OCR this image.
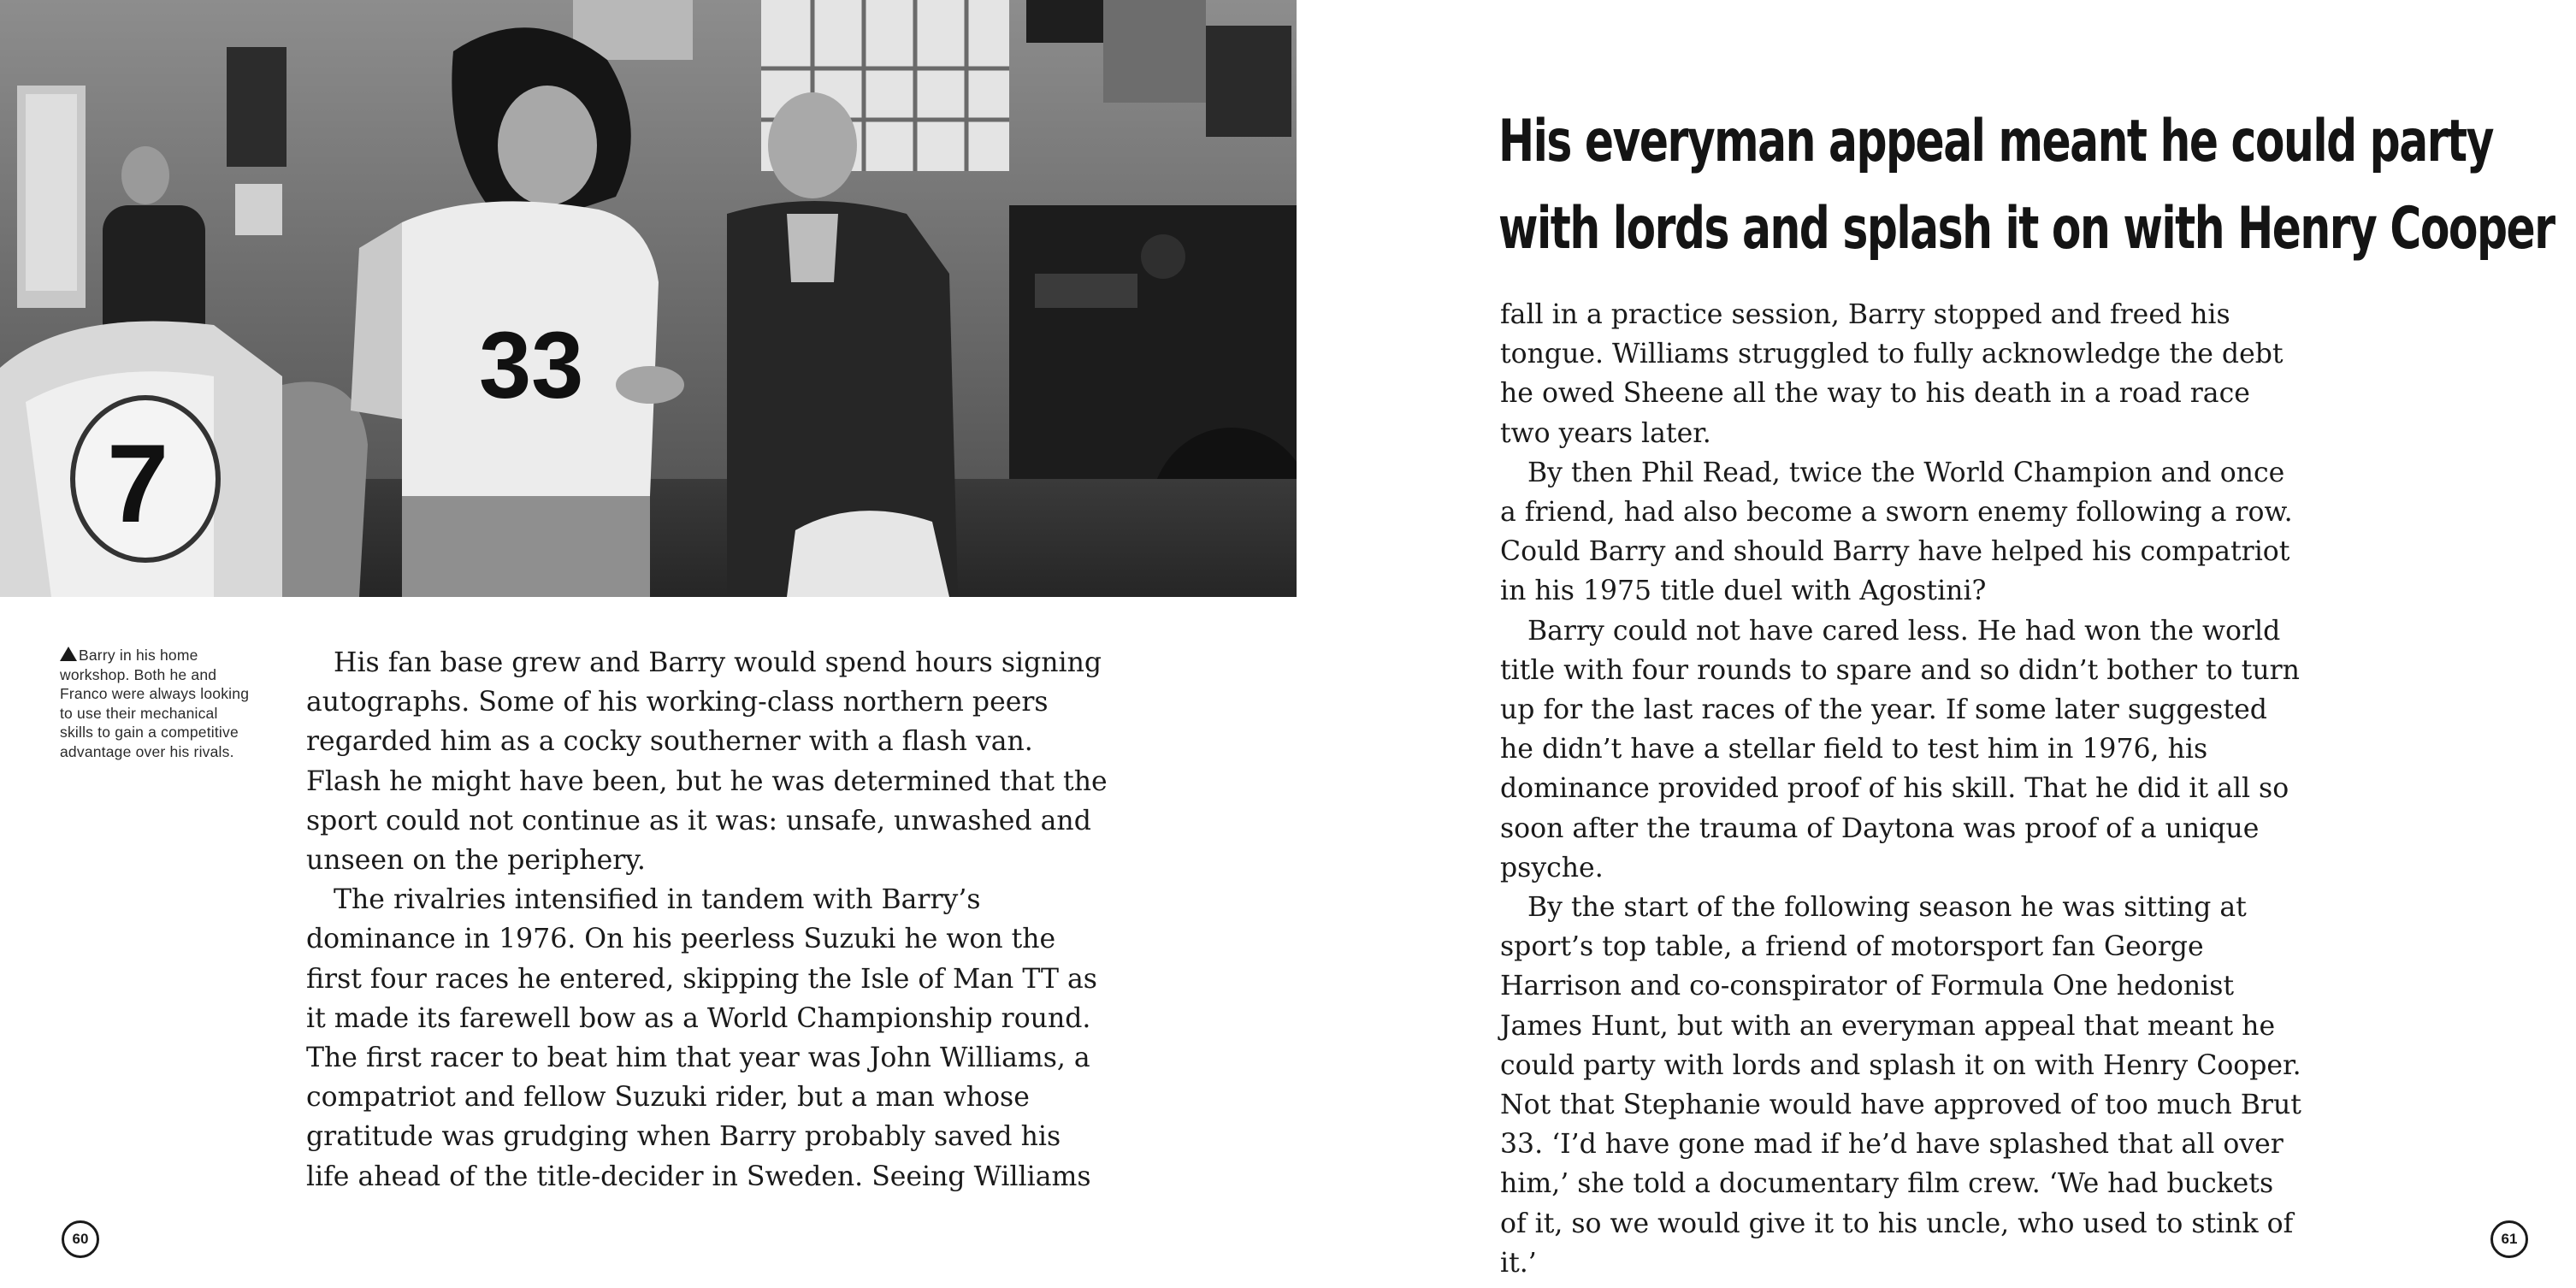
33
7
Barry in his home workshop. Both he and Franco were always looking to use their mechanical skills to gain a competitive advantage over his rivals.

His fan base grew and Barry would spend hours signing autographs. Some of his working-class northern peers regarded him as a cocky southerner with a flash van. Flash he might have been, but he was determined that the sport could not continue as it was: unsafe, unwashed and unseen on the periphery.

The rivalries intensified in tandem with Barry’s dominance in 1976. On his peerless Suzuki he won the first four races he entered, skipping the Isle of Man TT as it made its farewell bow as a World Championship round. The first racer to beat him that year was John Williams, a compatriot and fellow Suzuki rider, but a man whose gratitude was grudging when Barry probably saved his life ahead of the title-decider in Sweden. Seeing Williams

60
His everyman appeal meant he could party
with lords and splash it on with Henry Cooper

fall in a practice session, Barry stopped and freed his tongue. Williams struggled to fully acknowledge the debt he owed Sheene all the way to his death in a road race two years later.

By then Phil Read, twice the World Champion and once a friend, had also become a sworn enemy following a row. Could Barry and should Barry have helped his compatriot in his 1975 title duel with Agostini?

Barry could not have cared less. He had won the world title with four rounds to spare and so didn’t bother to turn up for the last races of the year. If some later suggested he didn’t have a stellar field to test him in 1976, his dominance provided proof of his skill. That he did it all so soon after the trauma of Daytona was proof of a unique psyche.

By the start of the following season he was sitting at sport’s top table, a friend of motorsport fan George Harrison and co-conspirator of Formula One hedonist James Hunt, but with an everyman appeal that meant he could party with lords and splash it on with Henry Cooper. Not that Stephanie would have approved of too much Brut 33. ‘I’d have gone mad if he’d have splashed that all over him,’ she told a documentary film crew. ‘We had buckets of it, so we would give it to his uncle, who used to stink of it.’

61
